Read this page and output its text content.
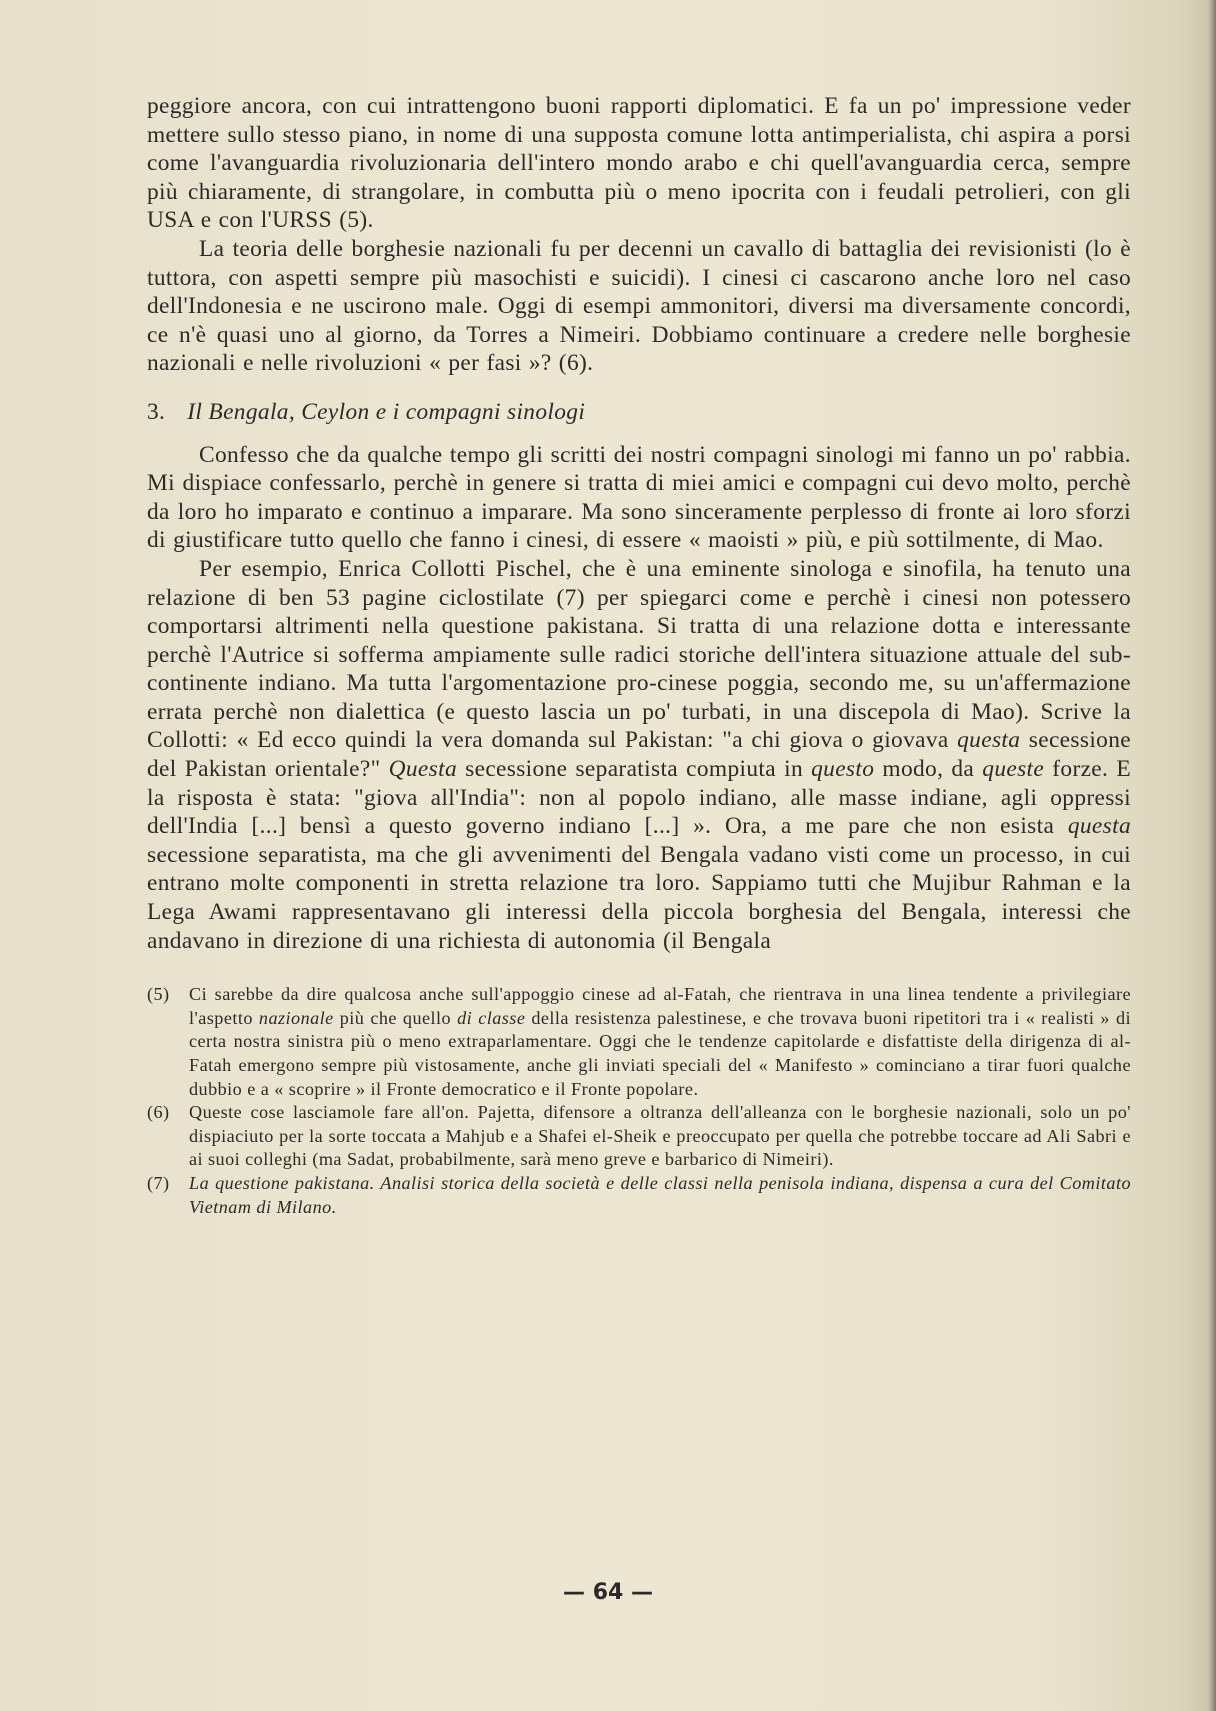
peggiore ancora, con cui intrattengono buoni rapporti diplomatici. E fa un po' impressione veder mettere sullo stesso piano, in nome di una supposta comune lotta antimperialista, chi aspira a porsi come l'avanguardia rivoluzionaria dell'intero mondo arabo e chi quell'avanguardia cerca, sempre più chiaramente, di strangolare, in combutta più o meno ipocrita con i feudali petrolieri, con gli USA e con l'URSS (5).

La teoria delle borghesie nazionali fu per decenni un cavallo di battaglia dei revisionisti (lo è tuttora, con aspetti sempre più masochisti e suicidi). I cinesi ci cascarono anche loro nel caso dell'Indonesia e ne uscirono male. Oggi di esempi ammonitori, diversi ma diversamente concordi, ce n'è quasi uno al giorno, da Torres a Nimeiri. Dobbiamo continuare a credere nelle borghesie nazionali e nelle rivoluzioni « per fasi »? (6).

3. Il Bengala, Ceylon e i compagni sinologi

Confesso che da qualche tempo gli scritti dei nostri compagni sinologi mi fanno un po' rabbia. Mi dispiace confessarlo, perchè in genere si tratta di miei amici e compagni cui devo molto, perchè da loro ho imparato e continuo a imparare. Ma sono sinceramente perplesso di fronte ai loro sforzi di giustificare tutto quello che fanno i cinesi, di essere « maoisti » più, e più sottilmente, di Mao.

Per esempio, Enrica Collotti Pischel, che è una eminente sinologa e sinofila, ha tenuto una relazione di ben 53 pagine ciclostilate (7) per spiegarci come e perchè i cinesi non potessero comportarsi altrimenti nella questione pakistana. Si tratta di una relazione dotta e interessante perchè l'Autrice si sofferma ampiamente sulle radici storiche dell'intera situazione attuale del sub-continente indiano. Ma tutta l'argomentazione pro-cinese poggia, secondo me, su un'affermazione errata perchè non dialettica (e questo lascia un po' turbati, in una discepola di Mao). Scrive la Collotti: « Ed ecco quindi la vera domanda sul Pakistan: "a chi giova o giovava questa secessione del Pakistan orientale?" Questa secessione separatista compiuta in questo modo, da queste forze. E la risposta è stata: "giova all'India": non al popolo indiano, alle masse indiane, agli oppressi dell'India [...] bensì a questo governo indiano [...] ». Ora, a me pare che non esista questa secessione separatista, ma che gli avvenimenti del Bengala vadano visti come un processo, in cui entrano molte componenti in stretta relazione tra loro. Sappiamo tutti che Mujibur Rahman e la Lega Awami rappresentavano gli interessi della piccola borghesia del Bengala, interessi che andavano in direzione di una richiesta di autonomia (il Bengala

(5)	Ci sarebbe da dire qualcosa anche sull'appoggio cinese ad al-Fatah, che rientrava in una linea tendente a privilegiare l'aspetto nazionale più che quello di classe della resistenza palestinese, e che trovava buoni ripetitori tra i « realisti » di certa nostra sinistra più o meno extraparlamentare. Oggi che le tendenze capitolarde e disfattiste della dirigenza di al-Fatah emergono sempre più vistosamente, anche gli inviati speciali del « Manifesto » cominciano a tirar fuori qualche dubbio e a « scoprire » il Fronte democratico e il Fronte popolare.
(6)	Queste cose lasciamole fare all'on. Pajetta, difensore a oltranza dell'alleanza con le borghesie nazionali, solo un po' dispiaciuto per la sorte toccata a Mahjub e a Shafei el-Sheik e preoccupato per quella che potrebbe toccare ad Ali Sabri e ai suoi colleghi (ma Sadat, probabilmente, sarà meno greve e barbarico di Nimeiri).
(7)	La questione pakistana. Analisi storica della società e delle classi nella penisola indiana, dispensa a cura del Comitato Vietnam di Milano.
— 64 —
